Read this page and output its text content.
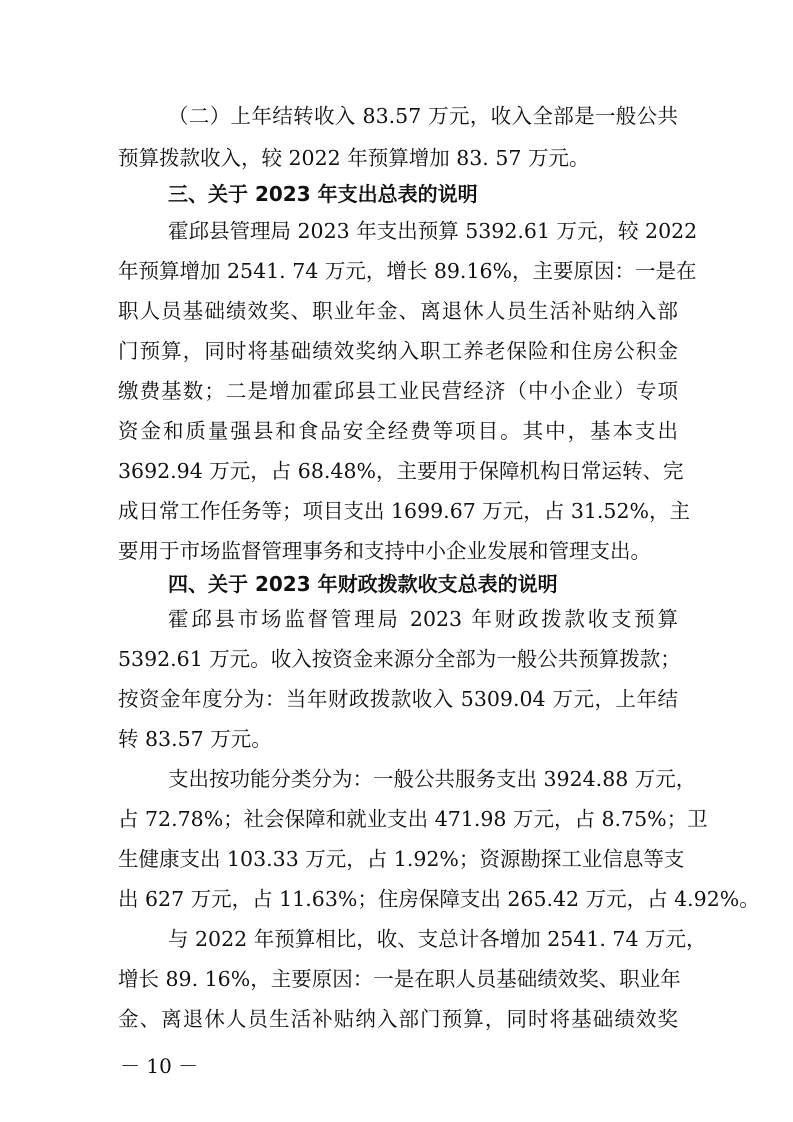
（二）上年结转收入 83.57 万元，收入全部是一般公共
预算拨款收入，较 2022 年预算增加 83. 57 万元。
三、关于 2023 年支出总表的说明
霍邱县管理局 2023 年支出预算 5392.61 万元，较 2022
年预算增加 2541. 74 万元，增长 89.16%，主要原因：一是在
职人员基础绩效奖、职业年金、离退休人员生活补贴纳入部
门预算，同时将基础绩效奖纳入职工养老保险和住房公积金
缴费基数；二是增加霍邱县工业民营经济（中小企业）专项
资金和质量强县和食品安全经费等项目。其中，基本支出
3692.94 万元，占 68.48%，主要用于保障机构日常运转、完
成日常工作任务等；项目支出 1699.67 万元，占 31.52%，主
要用于市场监督管理事务和支持中小企业发展和管理支出。
四、关于 2023 年财政拨款收支总表的说明
霍邱县市场监督管理局 2023 年财政拨款收支预算
5392.61 万元。收入按资金来源分全部为一般公共预算拨款；
按资金年度分为：当年财政拨款收入 5309.04 万元，上年结
转 83.57 万元。
支出按功能分类分为：一般公共服务支出 3924.88 万元，
占 72.78%；社会保障和就业支出 471.98 万元，占 8.75%；卫
生健康支出 103.33 万元，占 1.92%；资源勘探工业信息等支
出 627 万元，占 11.63%；住房保障支出 265.42 万元，占 4.92%。
与 2022 年预算相比，收、支总计各增加 2541. 74 万元，
增长 89. 16%，主要原因：一是在职人员基础绩效奖、职业年
金、离退休人员生活补贴纳入部门预算，同时将基础绩效奖
－ 10 －
